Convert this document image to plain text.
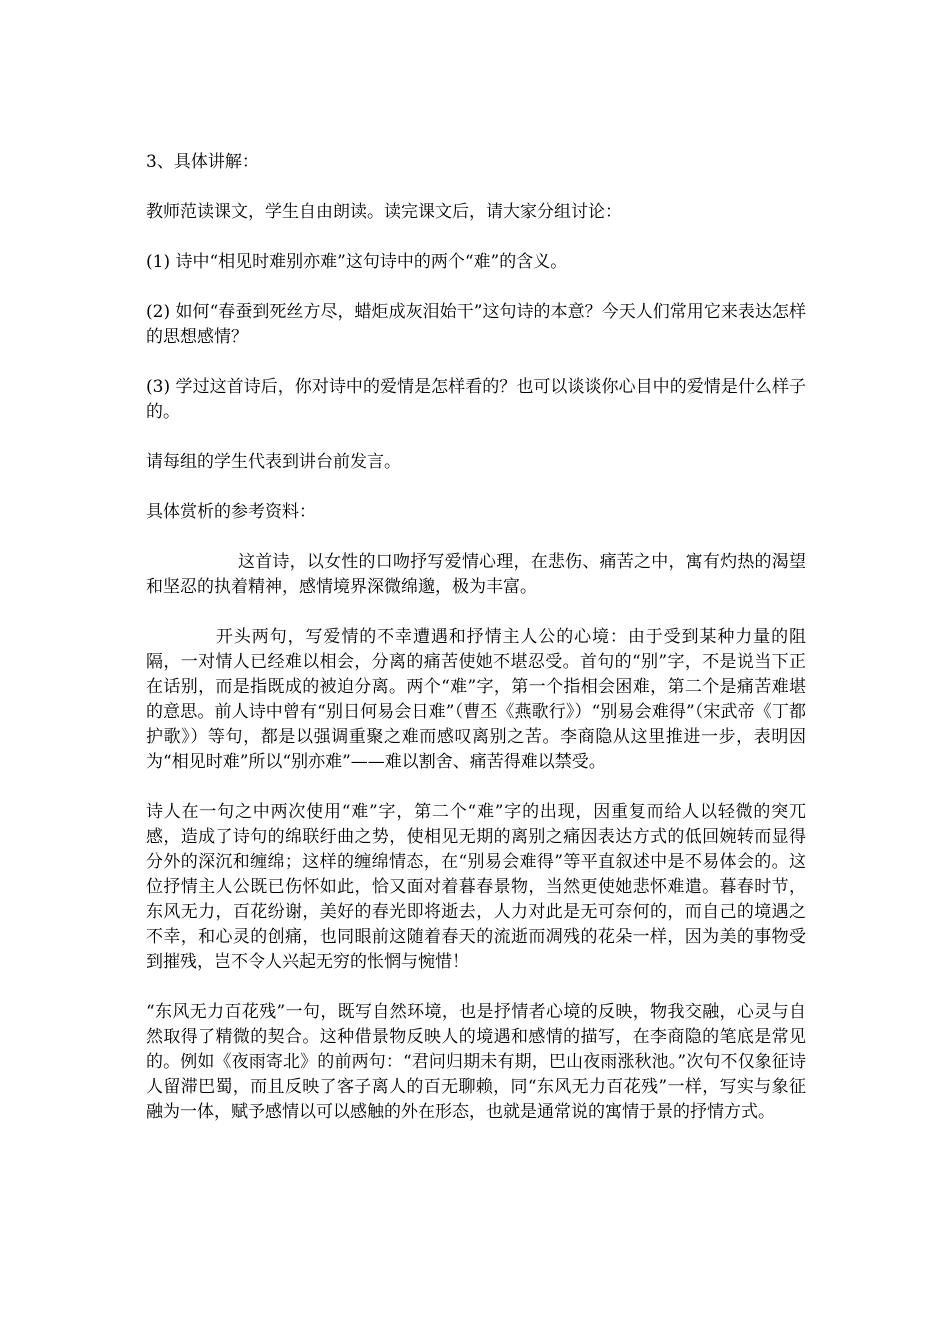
3、具体讲解：

教师范读课文，学生自由朗读。读完课文后，请大家分组讨论：

(1) 诗中“相见时难别亦难”这句诗中的两个“难”的含义。

(2) 如何“春蚕到死丝方尽，蜡炬成灰泪始干”这句诗的本意？今天人们常用它来表达怎样的思想感情？

(3) 学过这首诗后，你对诗中的爱情是怎样看的？也可以谈谈你心目中的爱情是什么样子的。

请每组的学生代表到讲台前发言。

具体赏析的参考资料：

这首诗，以女性的口吻抒写爱情心理，在悲伤、痛苦之中，寓有灼热的渴望和坚忍的执着精神，感情境界深微绵邈，极为丰富。

开头两句，写爱情的不幸遭遇和抒情主人公的心境：由于受到某种力量的阻隔，一对情人已经难以相会，分离的痛苦使她不堪忍受。首句的“别”字，不是说当下正在话别，而是指既成的被迫分离。两个“难”字，第一个指相会困难，第二个是痛苦难堪的意思。前人诗中曾有“别日何易会日难”（曹丕《燕歌行》）“别易会难得”（宋武帝《丁都护歌》）等句，都是以强调重聚之难而感叹离别之苦。李商隐从这里推进一步，表明因为“相见时难”所以“别亦难”——难以割舍、痛苦得难以禁受。

诗人在一句之中两次使用“难”字，第二个“难”字的出现，因重复而给人以轻微的突兀感，造成了诗句的绵联纡曲之势，使相见无期的离别之痛因表达方式的低回婉转而显得分外的深沉和缠绵；这样的缠绵情态，在“别易会难得”等平直叙述中是不易体会的。这位抒情主人公既已伤怀如此，恰又面对着暮春景物，当然更使她悲怀难遣。暮春时节，东风无力，百花纷谢，美好的春光即将逝去，人力对此是无可奈何的，而自己的境遇之不幸，和心灵的创痛，也同眼前这随着春天的流逝而凋残的花朵一样，因为美的事物受到摧残，岂不令人兴起无穷的怅惘与惋惜！

“东风无力百花残”一句，既写自然环境，也是抒情者心境的反映，物我交融，心灵与自然取得了精微的契合。这种借景物反映人的境遇和感情的描写，在李商隐的笔底是常见的。例如《夜雨寄北》的前两句：“君问归期未有期，巴山夜雨涨秋池。”次句不仅象征诗人留滞巴蜀，而且反映了客子离人的百无聊赖，同“东风无力百花残”一样，写实与象征融为一体，赋予感情以可以感触的外在形态，也就是通常说的寓情于景的抒情方式。
